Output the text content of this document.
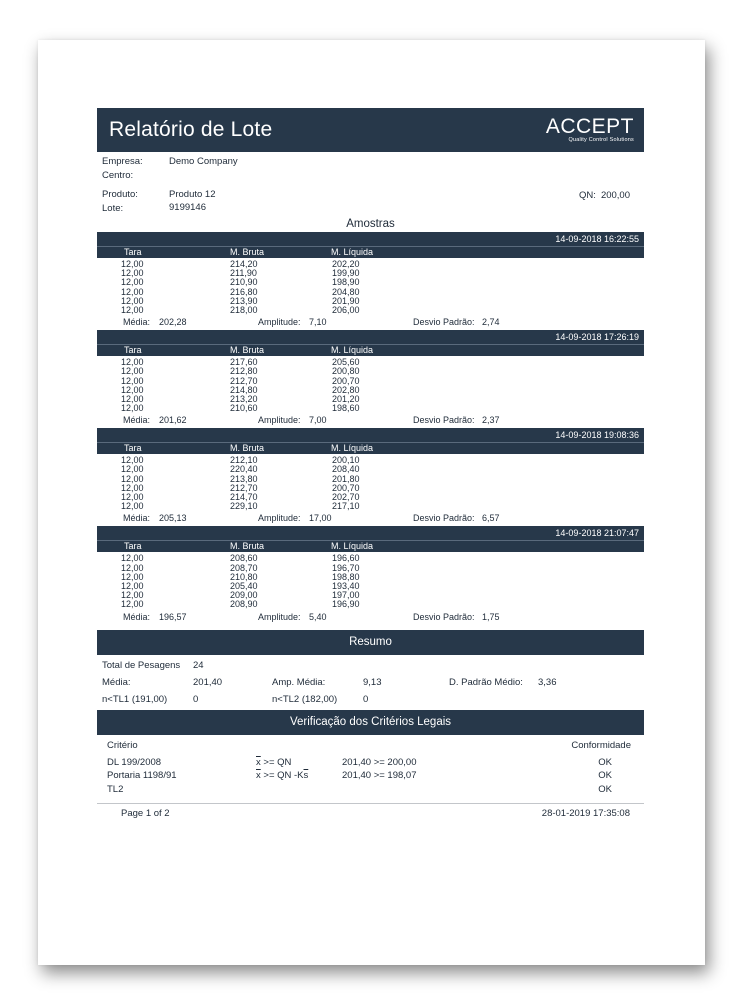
Relatório de Lote	ACCEPT
Quality Control Solutions
Empresa:	Demo Company
Centro:
Produto:	Produto 12
Lote:	9199146
QN: 200,00
Amostras
14-09-2018 16:22:55
Tara	M. Bruta	M. Líquida
12,00	214,20	202,20
12,00	211,90	199,90
12,00	210,90	198,90
12,00	216,80	204,80
12,00	213,90	201,90
12,00	218,00	206,00
Média: 202,28	Amplitude: 7,10	Desvio Padrão: 2,74
14-09-2018 17:26:19
Tara	M. Bruta	M. Líquida
12,00	217,60	205,60
12,00	212,80	200,80
12,00	212,70	200,70
12,00	214,80	202,80
12,00	213,20	201,20
12,00	210,60	198,60
Média: 201,62	Amplitude: 7,00	Desvio Padrão: 2,37
14-09-2018 19:08:36
Tara	M. Bruta	M. Líquida
12,00	212,10	200,10
12,00	220,40	208,40
12,00	213,80	201,80
12,00	212,70	200,70
12,00	214,70	202,70
12,00	229,10	217,10
Média: 205,13	Amplitude: 17,00	Desvio Padrão: 6,57
14-09-2018 21:07:47
Tara	M. Bruta	M. Líquida
12,00	208,60	196,60
12,00	208,70	196,70
12,00	210,80	198,80
12,00	205,40	193,40
12,00	209,00	197,00
12,00	208,90	196,90
Média: 196,57	Amplitude: 5,40	Desvio Padrão: 1,75
Resumo
Total de Pesagens 24
Média:	201,40	Amp. Média:	9,13	D. Padrão Médio: 3,36
n<TL1 (191,00)	0	n<TL2 (182,00)	0
Verificação dos Critérios Legais
Critério	Conformidade
DL 199/2008	$\overline{x}$ >= QN	201,40 >= 200,00	OK
Portaria 1198/91	$\overline{x}$ >= QN $-K\overline{s}$	201,40 >= 198,07	OK
TL2	OK
Page 1 of 2	28-01-2019 17:35:08
